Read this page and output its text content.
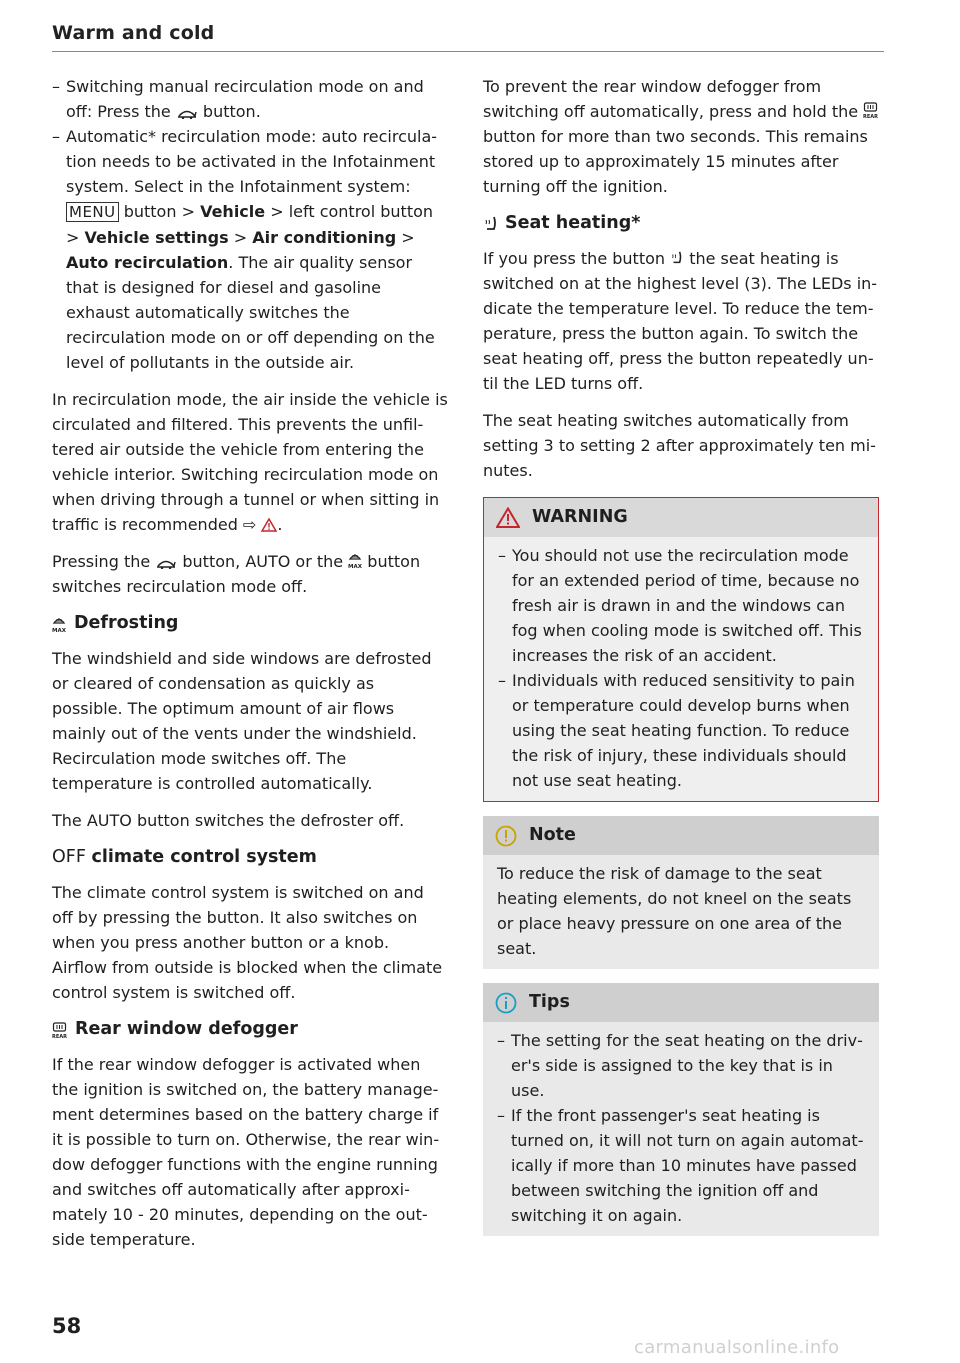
Warm and cold

– Switching manual recirculation mode on and off: Press the
button.

– Automatic* recirculation mode: auto recirculation needs to be activated in the Infotainment system. Select in the Infotainment system: MENU button > Vehicle > left control button > Vehicle settings > Air conditioning > Auto recirculation. The air quality sensor that is designed for diesel and gasoline exhaust automatically switches the recirculation mode on or off depending on the level of pollutants in the outside air.

In recirculation mode, the air inside the vehicle is circulated and filtered. This prevents the unfiltered air outside the vehicle from entering the vehicle interior. Switching recirculation mode on when driving through a tunnel or when sitting in traffic is recommended ⇨
.

Pressing the
button, AUTO or the MAX button switches recirculation mode off.

MAX Defrosting

The windshield and side windows are defrosted or cleared of condensation as quickly as possible. The optimum amount of air flows mainly out of the vents under the windshield. Recirculation mode switches off. The temperature is controlled automatically.

The AUTO button switches the defroster off.

OFF climate control system

The climate control system is switched on and off by pressing the button. It also switches on when you press another button or a knob. Airflow from outside is blocked when the climate control system is switched off.

REAR Rear window defogger

If the rear window defogger is activated when the ignition is switched on, the battery management determines based on the battery charge if it is possible to turn on. Otherwise, the rear window defogger functions with the engine running and switches off automatically after approximately 10 - 20 minutes, depending on the outside temperature.

To prevent the rear window defogger from switching off automatically, press and hold the REAR
button for more than two seconds. This remains stored up to approximately 15 minutes after turning off the ignition.

Seat heating*

If you press the button
the seat heating is switched on at the highest level (3). The LEDs indicate the temperature level. To reduce the temperature, press the button again. To switch the seat heating off, press the button repeatedly until the LED turns off.

The seat heating switches automatically from setting 3 to setting 2 after approximately ten minutes.

WARNING

– You should not use the recirculation mode for an extended period of time, because no fresh air is drawn in and the windows can fog when cooling mode is switched off. This increases the risk of an accident.

– Individuals with reduced sensitivity to pain or temperature could develop burns when using the seat heating function. To reduce the risk of injury, these individuals should not use seat heating.

Note

To reduce the risk of damage to the seat heating elements, do not kneel on the seats or place heavy pressure on one area of the seat.

Tips

– The setting for the seat heating on the driver's side is assigned to the key that is in use.

– If the front passenger's seat heating is turned on, it will not turn on again automatically if more than 10 minutes have passed between switching the ignition off and switching it on again.

58
carmanualsonline.info
